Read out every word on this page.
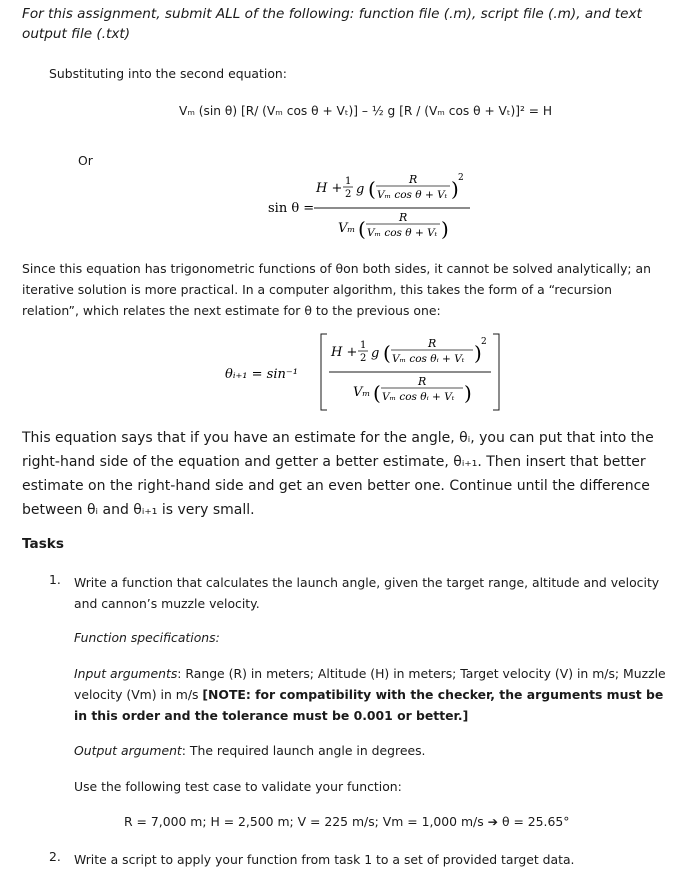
For this assignment, submit ALL of the following: function file (.m), script file (.m), and text output file (.txt)
Substituting into the second equation:
Vₘ (sin θ) [R/ (Vₘ cos θ + Vₜ)] – ½ g [R / (Vₘ cos θ + Vₜ)]² = H
Or
sin θ =
H + 1
2 g (	R
Vₘ cos θ + Vₜ ) 2
Vₘ (	R
Vₘ cos θ + Vₜ )
Since this equation has trigonometric functions of θon both sides, it cannot be solved analytically; an iterative solution is more practical. In a computer algorithm, this takes the form of a “recursion relation”, which relates the next estimate for θ to the previous one:
θᵢ₊₁ = sin⁻¹
H + 1
2 g (	R
Vₘ cos θᵢ + Vₜ ) 2
Vₘ (	R
Vₘ cos θᵢ + Vₜ )
This equation says that if you have an estimate for the angle, θᵢ, you can put that into the right-hand side of the equation and getter a better estimate, θᵢ₊₁. Then insert that better estimate on the right-hand side and get an even better one. Continue until the difference between θᵢ and θᵢ₊₁ is very small.
Tasks
1. Write a function that calculates the launch angle, given the target range, altitude and velocity and cannon’s muzzle velocity.
Function specifications:
Input arguments: Range (R) in meters; Altitude (H) in meters; Target velocity (V) in m/s; Muzzle velocity (Vm) in m/s [NOTE: for compatibility with the checker, the arguments must be in this order and the tolerance must be 0.001 or better.]
Output argument: The required launch angle in degrees.
Use the following test case to validate your function:
R = 7,000 m; H = 2,500 m; V = 225 m/s; Vm = 1,000 m/s ➔ θ = 25.65°
2. Write a script to apply your function from task 1 to a set of provided target data.
